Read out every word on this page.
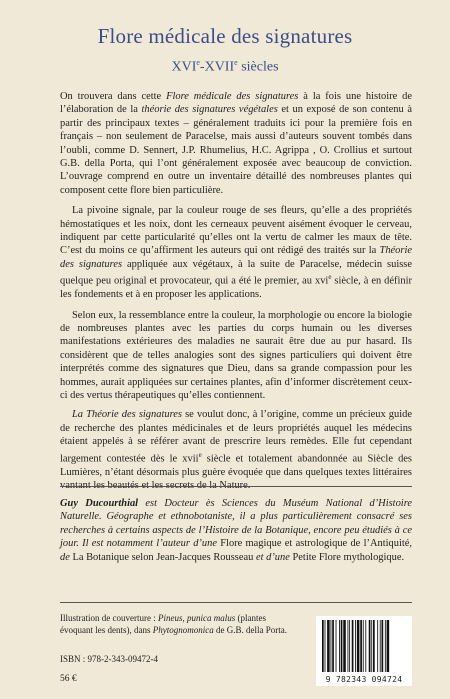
Flore médicale des signatures
XVIe-XVIIe siècles

On trouvera dans cette Flore médicale des signatures à la fois une histoire de l’élaboration de la théorie des signatures végétales et un exposé de son contenu à partir des principaux textes – généralement traduits ici pour la première fois en français – non seulement de Paracelse, mais aussi d’auteurs souvent tombés dans l’oubli, comme D. Sennert, J.P. Rhumelius, H.C. Agrippa , O. Crollius et surtout G.B. della Porta, qui l’ont généralement exposée avec beaucoup de conviction. L’ouvrage comprend en outre un inventaire détaillé des nombreuses plantes qui composent cette flore bien particulière.

La pivoine signale, par la couleur rouge de ses fleurs, qu’elle a des propriétés hémostatiques et les noix, dont les cerneaux peuvent aisément évoquer le cerveau, indiquent par cette particularité qu’elles ont la vertu de calmer les maux de tête. C’est du moins ce qu’affirment les auteurs qui ont rédigé des traités sur la Théorie des signatures appliquée aux végétaux, à la suite de Paracelse, médecin suisse quelque peu original et provocateur, qui a été le premier, au xvi$^e$ siècle, à en définir les fondements et à en proposer les applications.

Selon eux, la ressemblance entre la couleur, la morphologie ou encore la biologie de nombreuses plantes avec les parties du corps humain ou les diverses manifestations extérieures des maladies ne saurait être due au pur hasard. Ils considèrent que de telles analogies sont des signes particuliers qui doivent être interprétés comme des signatures que Dieu, dans sa grande compassion pour les hommes, aurait appliquées sur certaines plantes, afin d’informer discrètement ceux-ci des vertus thérapeutiques qu’elles contiennent.

La Théorie des signatures se voulut donc, à l’origine, comme un précieux guide de recherche des plantes médicinales et de leurs propriétés auquel les médecins étaient appelés à se référer avant de prescrire leurs remèdes. Elle fut cependant largement contestée dès le xvii$^e$ siècle et totalement abandonnée au Siècle des Lumières, n’étant désormais plus guère évoquée que dans quelques textes littéraires vantant les beautés et les secrets de la Nature.

Guy Ducourthial est Docteur ès Sciences du Muséum National d’Histoire Naturelle. Géographe et ethnobotaniste, il a plus particulièrement consacré ses recherches à certains aspects de l’Histoire de la Botanique, encore peu étudiés à ce jour. Il est notamment l’auteur d’une Flore magique et astrologique de l’Antiquité, de La Botanique selon Jean-Jacques Rousseau et d’une Petite Flore mythologique.
Illustration de couverture : Pineus, punica malus (plantes évoquant les dents), dans Phytognomonica de G.B. della Porta.
ISBN : 978-2-343-09472-4
56 €	9 782343 094724
